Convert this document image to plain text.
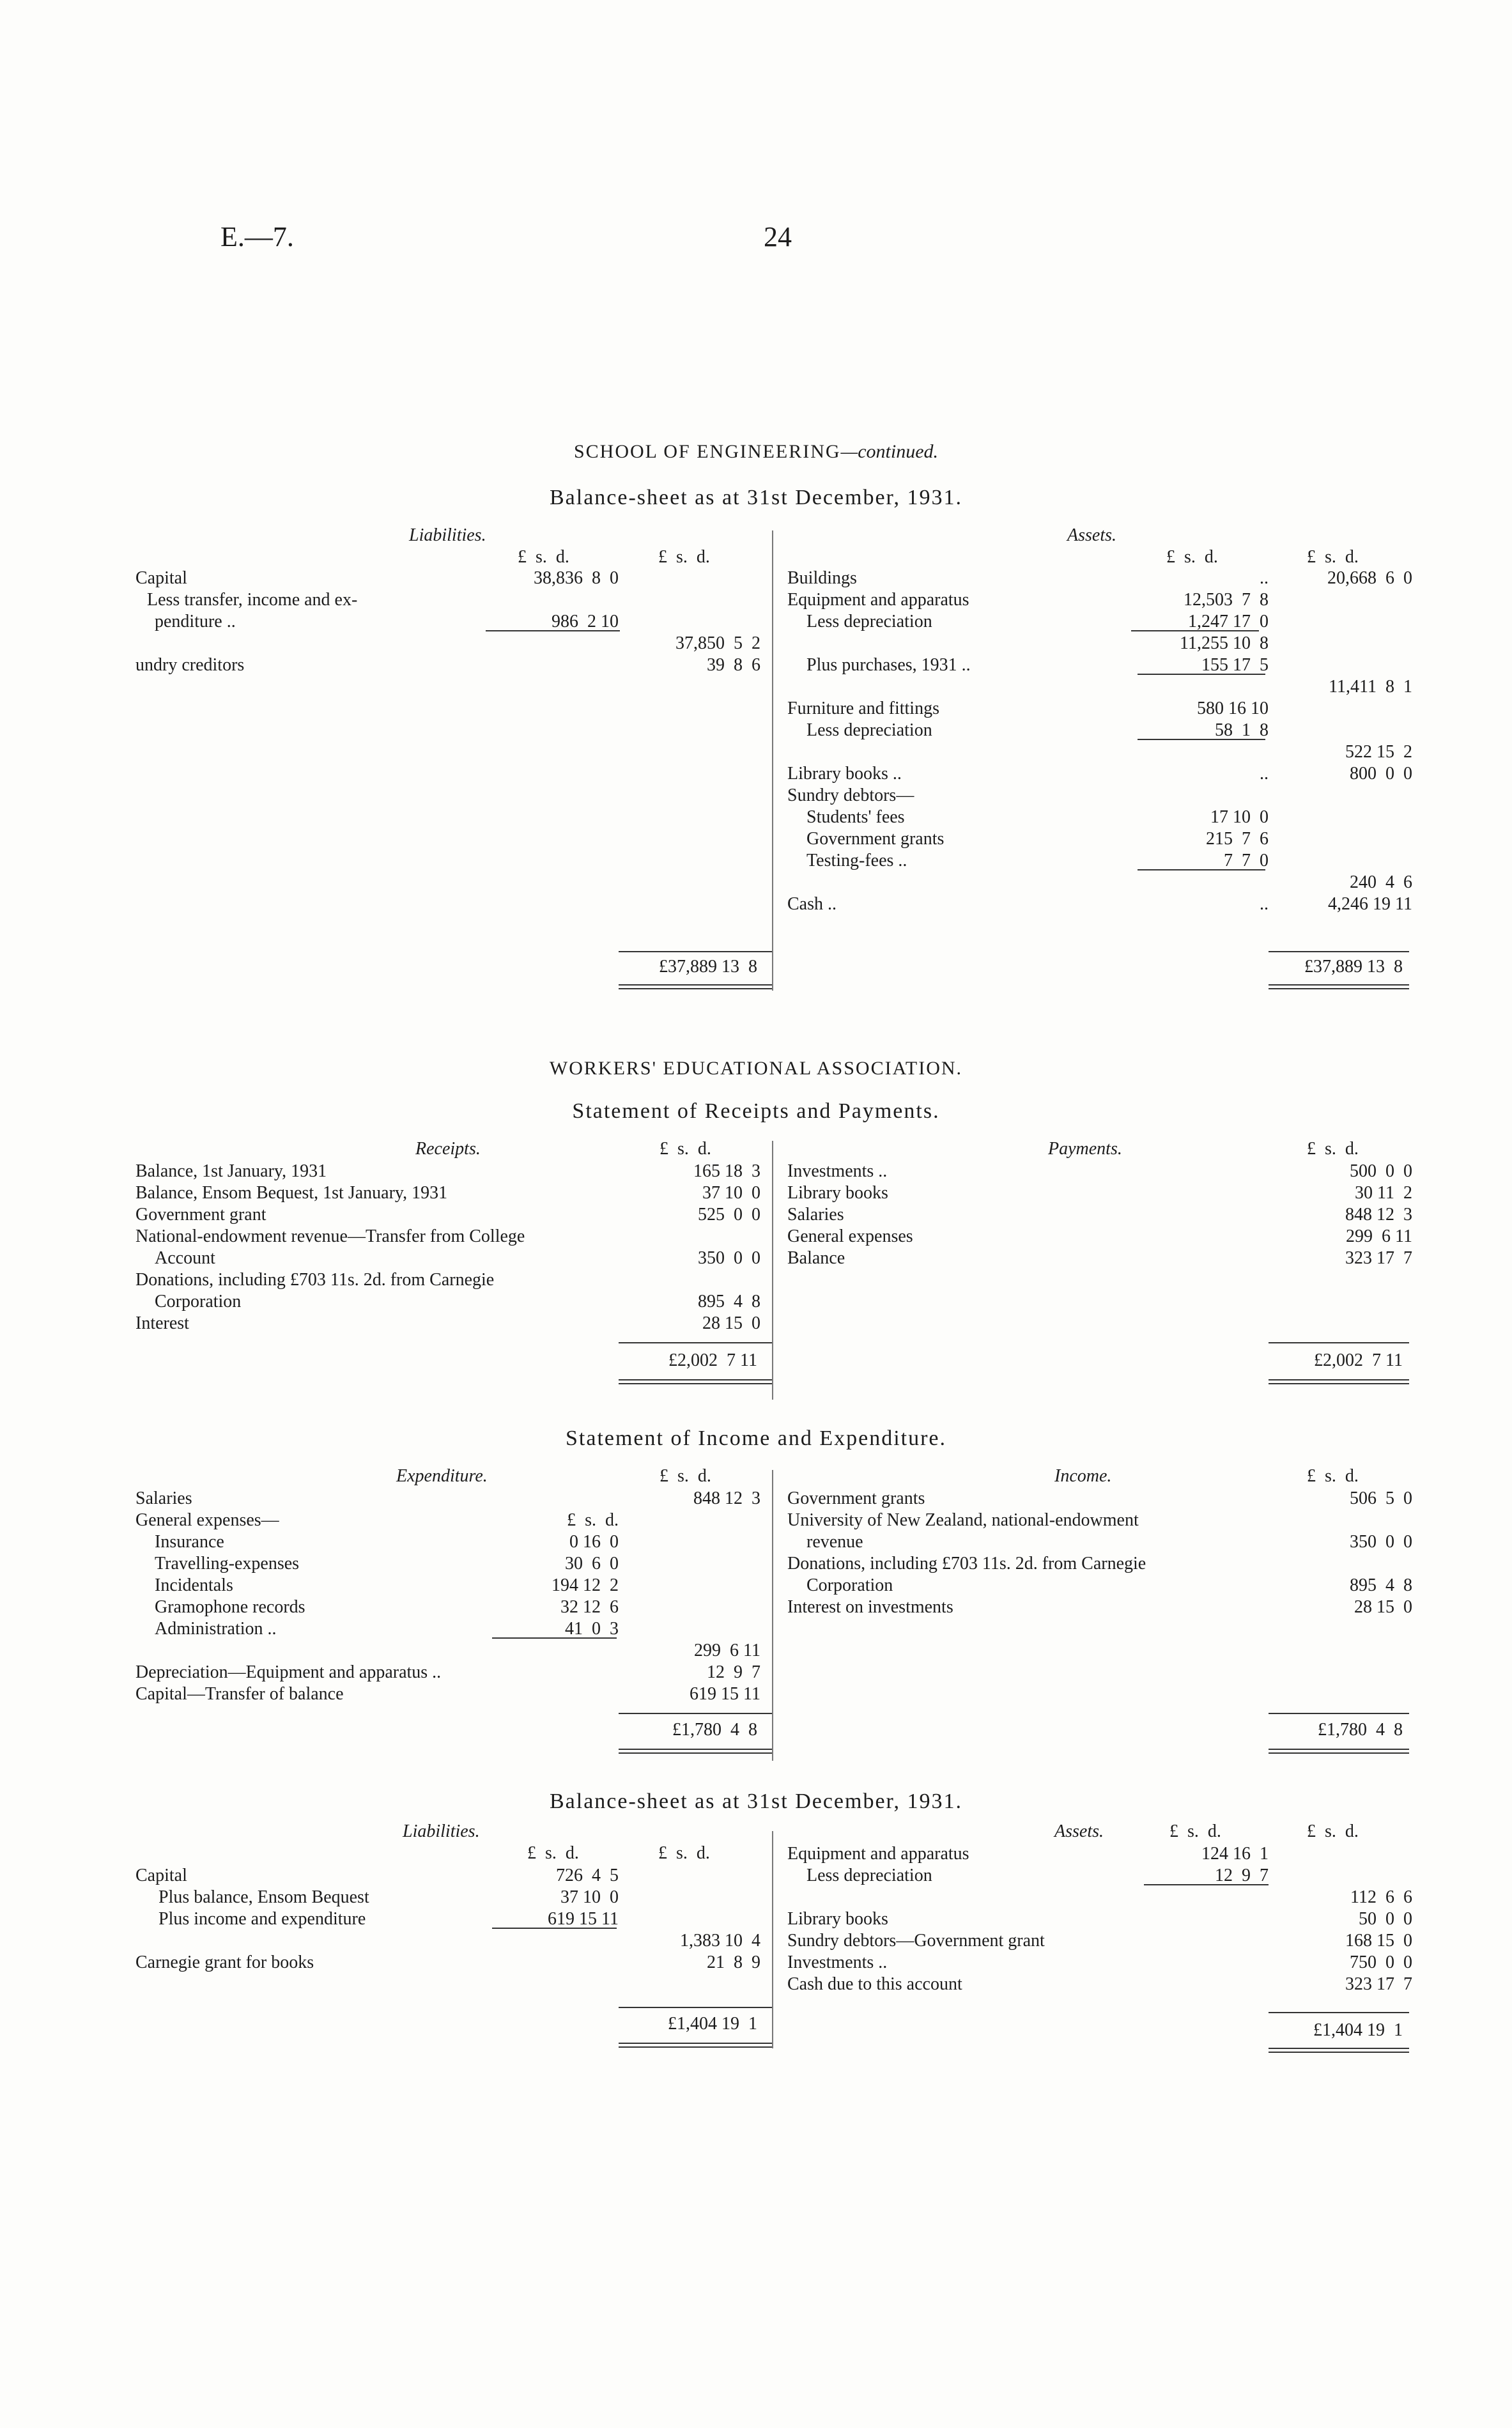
E.—7.	24
SCHOOL OF ENGINEERING—continued.
Balance-sheet as at 31st December, 1931.
Liabilities.	Assets.
£  s.  d.	£  s.  d.	£  s.  d.	£  s.  d.
Capital	38,836  8  0
Less transfer, income and ex-
penditure ..	986  2 10
37,850  5  2
undry creditors	39  8  6
Buildings	..	20,668  6  0
Equipment and apparatus	12,503  7  8
Less depreciation	1,247 17  0
11,255 10  8
Plus purchases, 1931 ..	155 17  5
11,411  8  1
Furniture and fittings	580 16 10
Less depreciation	58  1  8
522 15  2
Library books ..	..	800  0  0
Sundry debtors—
Students' fees	17 10  0
Government grants	215  7  6
Testing-fees ..	7  7  0
240  4  6
Cash ..	..	4,246 19 11
£37,889 13  8	£37,889 13  8
WORKERS' EDUCATIONAL ASSOCIATION.
Statement of Receipts and Payments.
Receipts.	Payments.
£  s.  d.	£  s.  d.
Balance, 1st January, 1931	165 18  3
Balance, Ensom Bequest, 1st January, 1931	37 10  0
Government grant	525  0  0
National-endowment revenue—Transfer from College
Account	350  0  0
Donations, including £703 11s. 2d. from Carnegie
Corporation	895  4  8
Interest	28 15  0
Investments ..	500  0  0
Library books	30 11  2
Salaries	848 12  3
General expenses	299  6 11
Balance	323 17  7
£2,002  7 11	£2,002  7 11
Statement of Income and Expenditure.
Expenditure.	Income.
£  s.  d.	£  s.  d.
Salaries	848 12  3
General expenses—	£  s.  d.
Insurance	0 16  0
Travelling-expenses	30  6  0
Incidentals	194 12  2
Gramophone records	32 12  6
Administration ..	41  0  3
299  6 11
Depreciation—Equipment and apparatus ..	12  9  7
Capital—Transfer of balance	619 15 11
Government grants	506  5  0
University of New Zealand, national-endowment
revenue	350  0  0
Donations, including £703 11s. 2d. from Carnegie
Corporation	895  4  8
Interest on investments	28 15  0
£1,780  4  8	£1,780  4  8
Balance-sheet as at 31st December, 1931.
Liabilities.	Assets.
£  s.  d.	£  s.  d.
£  s.  d.	£  s.  d.
Capital	726  4  5
Plus balance, Ensom Bequest	37 10  0
Plus income and expenditure	619 15 11
1,383 10  4
Carnegie grant for books	21  8  9
Equipment and apparatus	124 16  1
Less depreciation	12  9  7
112  6  6
Library books	50  0  0
Sundry debtors—Government grant	168 15  0
Investments ..	750  0  0
Cash due to this account	323 17  7
£1,404 19  1	£1,404 19  1
